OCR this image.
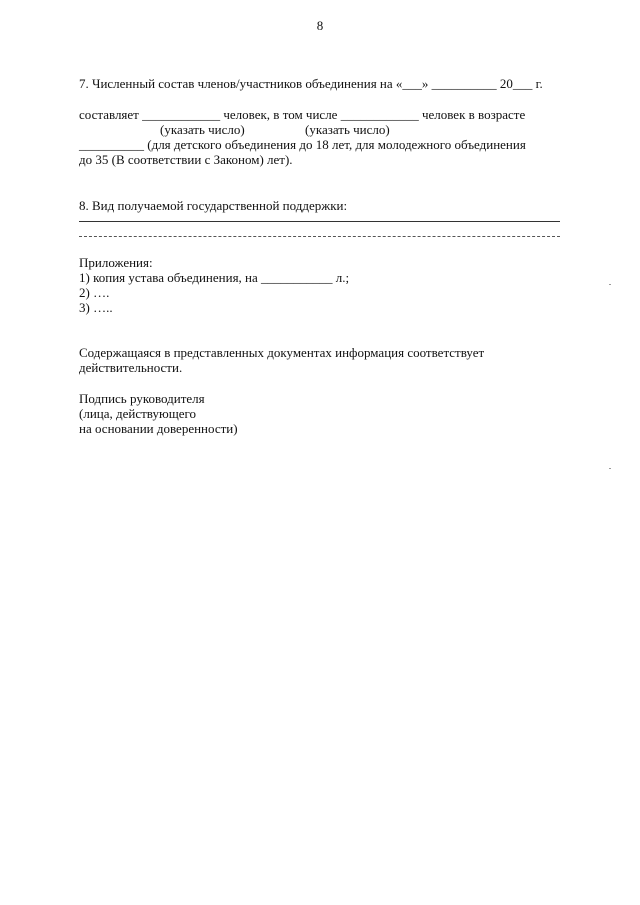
8
7. Численный состав членов/участников объединения на «___» __________ 20___ г.
составляет ____________ человек, в том числе ____________ человек в возрасте
(указать число)	(указать число)
__________ (для детского объединения до 18 лет, для молодежного объединения
до 35 (В соответствии с Законом) лет).
8. Вид получаемой государственной поддержки:
Приложения:
1) копия устава объединения, на ___________ л.;
2) ….
3) …..
Содержащаяся в представленных документах информация соответствует
действительности.
Подпись руководителя
(лица, действующего
на основании доверенности)
